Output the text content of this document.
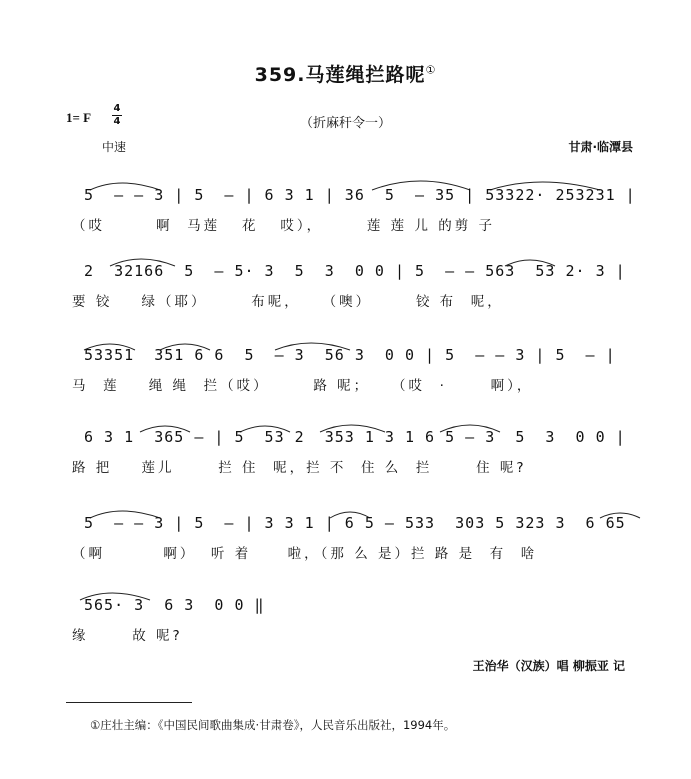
359.马莲绳拦路呢①
1= F
4
4	（折麻秆令一）
中速	甘肃·临潭县
5  — — 3 | 5  — | 6 3 1 | 36  5  — 35 | 53322· 253231 |
（哎       啊  马莲   花   哎），      莲 莲 儿 的剪 子
2  32166  5  — 5· 3  5  3  0 0 | 5  — — 563  53 2· 3 |
要 铰    绿（耶）      布呢，   （噢）      铰 布  呢，
53351  351 6 6  5  — 3  56 3  0 0 | 5  — — 3 | 5  — |
马  莲    绳 绳  拦（哎）      路 呢；   （哎  ·      啊），
6 3 1  365 — | 5  53 2  353 1 3 1 6 5 — 3  5  3  0 0 |
路 把    莲儿      拦 住  呢，拦 不  住 么  拦      住 呢?
5  — — 3 | 5  — | 3 3 1 | 6 5 — 533  303 5 323 3  6 65
（啊        啊）  听 着     啦，（那 么 是）拦 路 是  有  啥
565· 3  6 3  0 0 ‖
缘      故 呢?
王治华（汉族）唱 柳振亚 记
①庄壮主编：《中国民间歌曲集成·甘肃卷》，人民音乐出版社，1994年。
